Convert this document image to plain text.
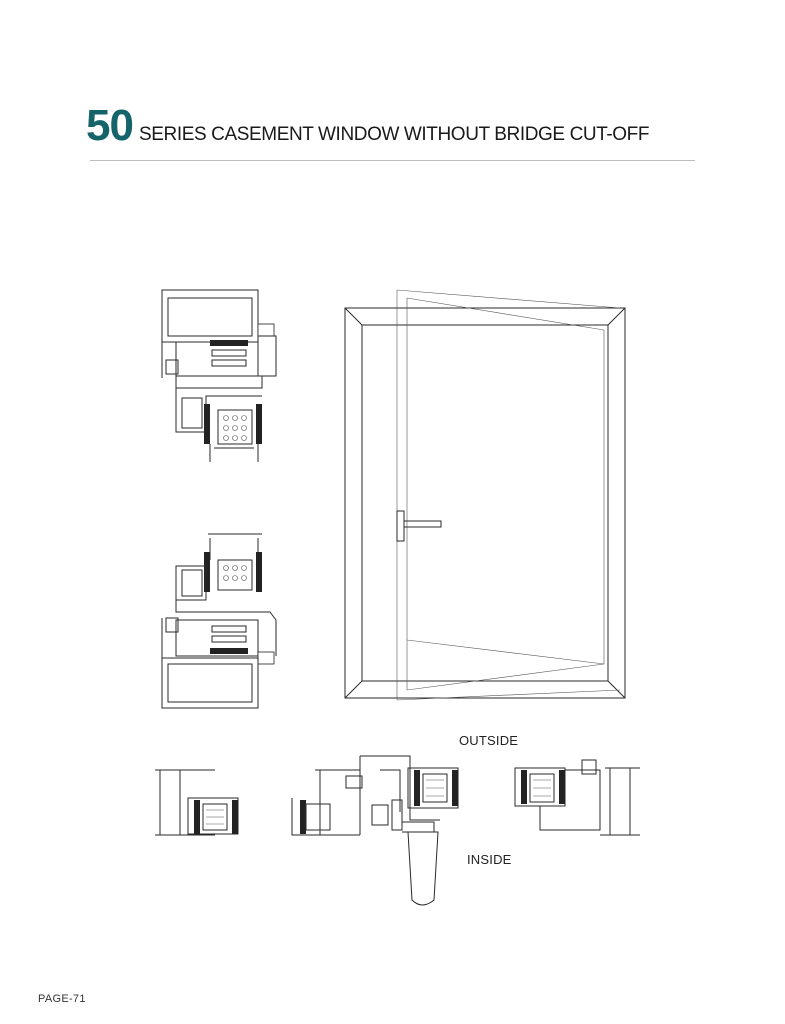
50 SERIES CASEMENT WINDOW WITHOUT BRIDGE CUT-OFF
OUTSIDE
INSIDE
PAGE-71
